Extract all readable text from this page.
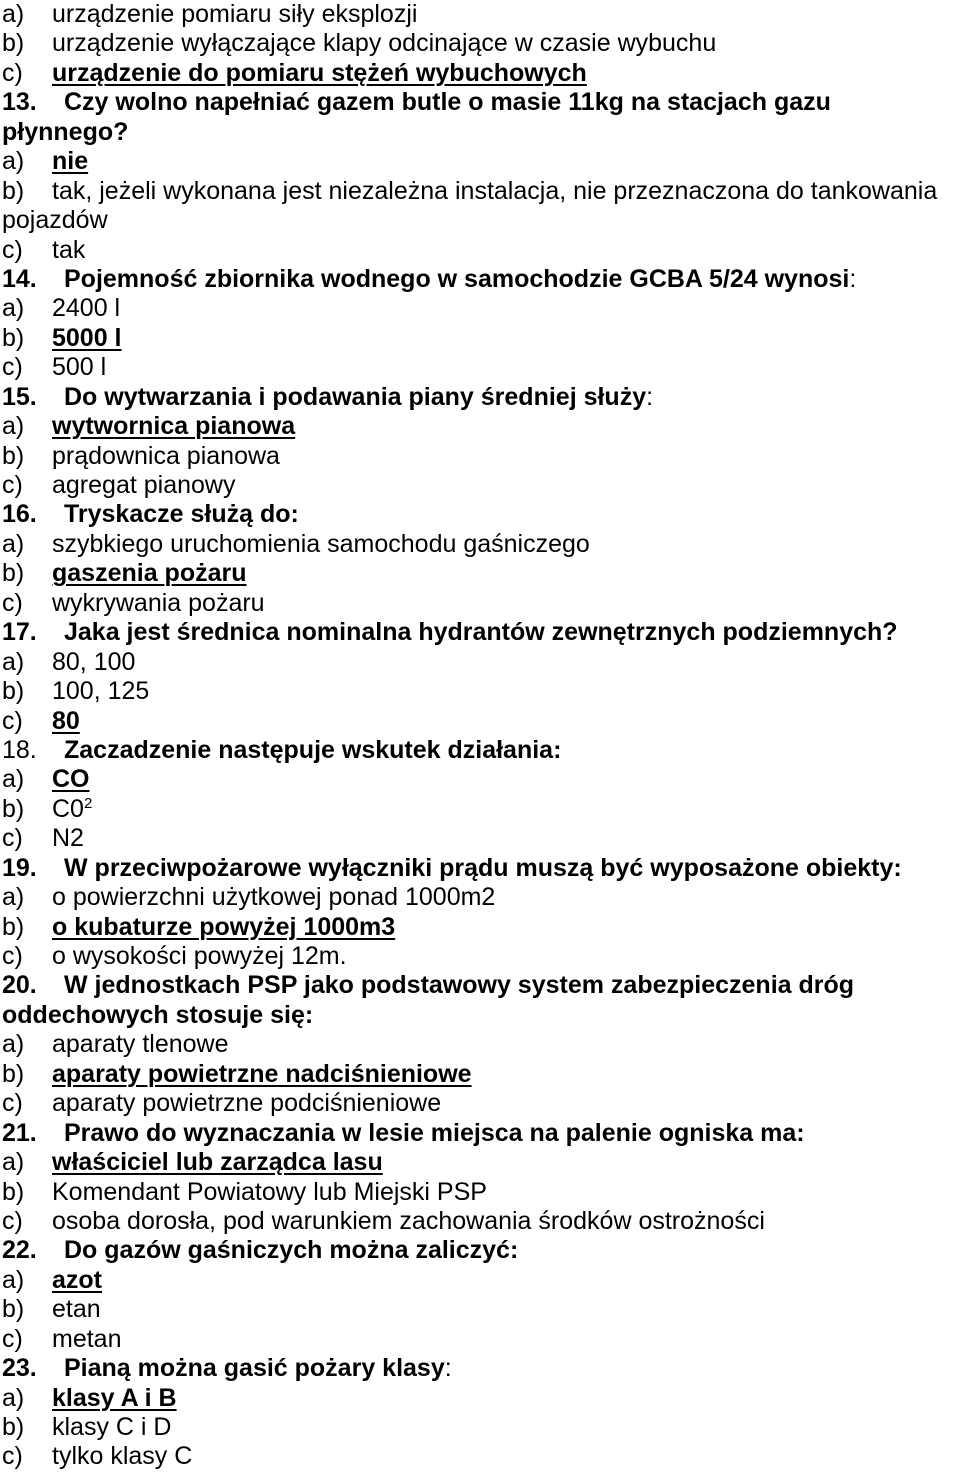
a) urządzenie pomiaru siły eksplozji
b) urządzenie wyłączające klapy odcinające w czasie wybuchu
c) urządzenie do pomiaru stężeń wybuchowych
13. Czy wolno napełniać gazem butle o masie 11kg na stacjach gazu
płynnego?
a) nie
b) tak, jeżeli wykonana jest niezależna instalacja, nie przeznaczona do tankowania
pojazdów
c) tak
14. Pojemność zbiornika wodnego w samochodzie GCBA 5/24 wynosi:
a) 2400 l
b) 5000 l
c) 500 l
15. Do wytwarzania i podawania piany średniej służy:
a) wytwornica pianowa
b) prądownica pianowa
c) agregat pianowy
16. Tryskacze służą do:
a) szybkiego uruchomienia samochodu gaśniczego
b) gaszenia pożaru
c) wykrywania pożaru
17. Jaka jest średnica nominalna hydrantów zewnętrznych podziemnych?
a) 80, 100
b) 100, 125
c) 80
18. Zaczadzenie następuje wskutek działania:
a) CO
b) $C0^2$
c) N2
19. W przeciwpożarowe wyłączniki prądu muszą być wyposażone obiekty:
a) o powierzchni użytkowej ponad 1000m2
b) o kubaturze powyżej 1000m3
c) o wysokości powyżej 12m.
20. W jednostkach PSP jako podstawowy system zabezpieczenia dróg
oddechowych stosuje się:
a) aparaty tlenowe
b) aparaty powietrzne nadciśnieniowe
c) aparaty powietrzne podciśnieniowe
21. Prawo do wyznaczania w lesie miejsca na palenie ogniska ma:
a) właściciel lub zarządca lasu
b) Komendant Powiatowy lub Miejski PSP
c) osoba dorosła, pod warunkiem zachowania środków ostrożności
22. Do gazów gaśniczych można zaliczyć:
a) azot
b) etan
c) metan
23. Pianą można gasić pożary klasy:
a) klasy A i B
b) klasy C i D
c) tylko klasy C
